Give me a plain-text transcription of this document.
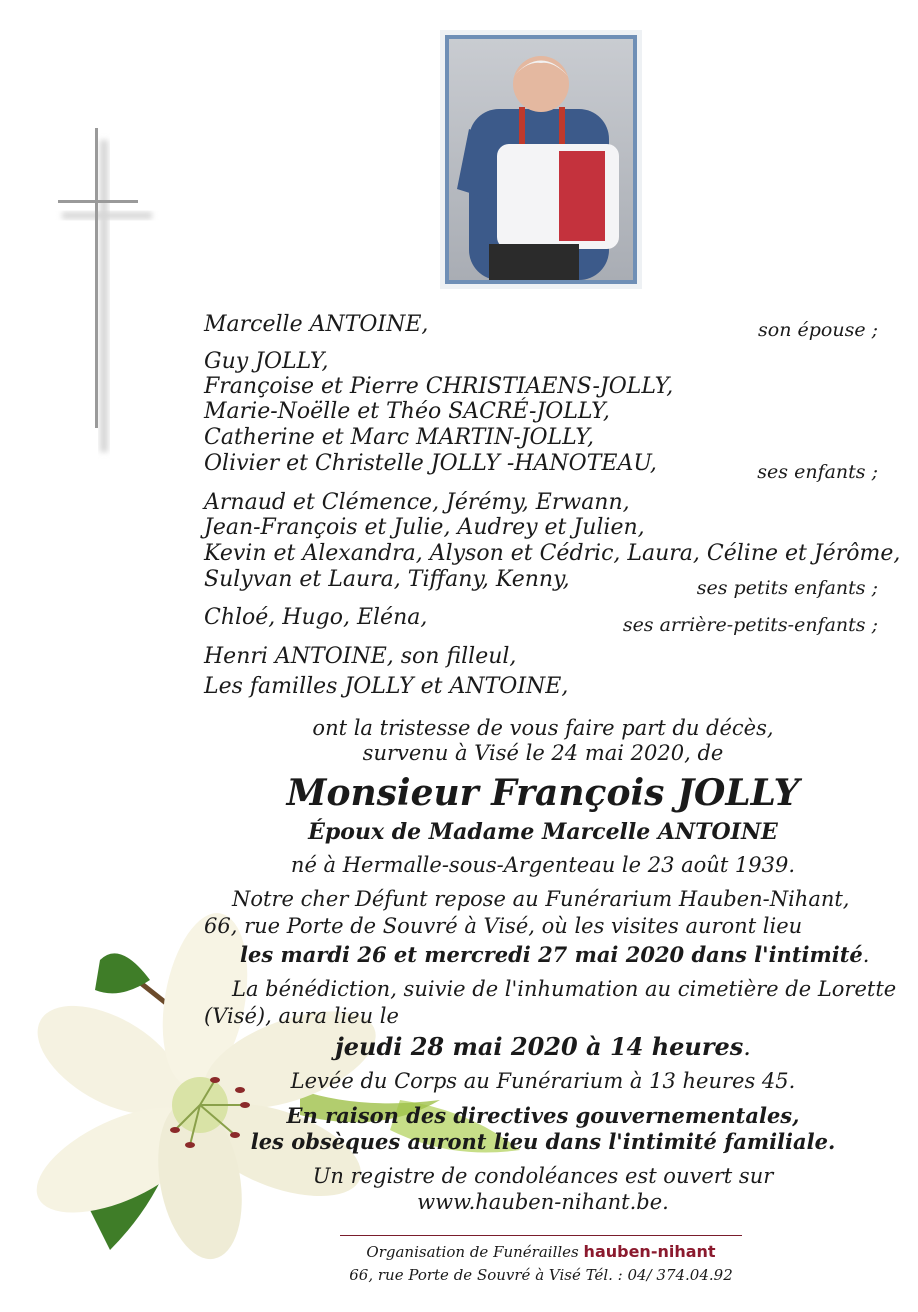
Marcelle ANTOINE,	son épouse ;
Guy JOLLY,
Françoise et Pierre CHRISTIAENS-JOLLY,
Marie-Noëlle et Théo SACRÉ-JOLLY,
Catherine et Marc MARTIN-JOLLY,
Olivier et Christelle JOLLY -HANOTEAU,	ses enfants ;
Arnaud et Clémence, Jérémy, Erwann,
Jean-François et Julie, Audrey et Julien,
Kevin et Alexandra, Alyson et Cédric, Laura, Céline et Jérôme,
Sulyvan et Laura, Tiffany, Kenny,	ses petits enfants ;
Chloé, Hugo, Eléna,	ses arrière-petits-enfants ;
Henri ANTOINE, son filleul,
Les familles JOLLY et ANTOINE,
ont la tristesse de vous faire part du décès,
survenu à Visé le 24 mai 2020, de
Monsieur François JOLLY
Époux de Madame Marcelle ANTOINE
né à Hermalle-sous-Argenteau le 23 août 1939.
Notre cher Défunt repose au Funérarium Hauben-Nihant,
66, rue Porte de Souvré à Visé, où les visites auront lieu
les mardi 26 et mercredi 27 mai 2020 dans l'intimité.
La bénédiction, suivie de l'inhumation au cimetière de Lorette
(Visé), aura lieu le
jeudi 28 mai 2020 à 14 heures.
Levée du Corps au Funérarium à 13 heures 45.
En raison des directives gouvernementales,
les obsèques auront lieu dans l'intimité familiale.
Un registre de condoléances est ouvert sur
www.hauben-nihant.be.
Organisation de Funérailles hauben-nihant
66, rue Porte de Souvré à Visé Tél. : 04/ 374.04.92
